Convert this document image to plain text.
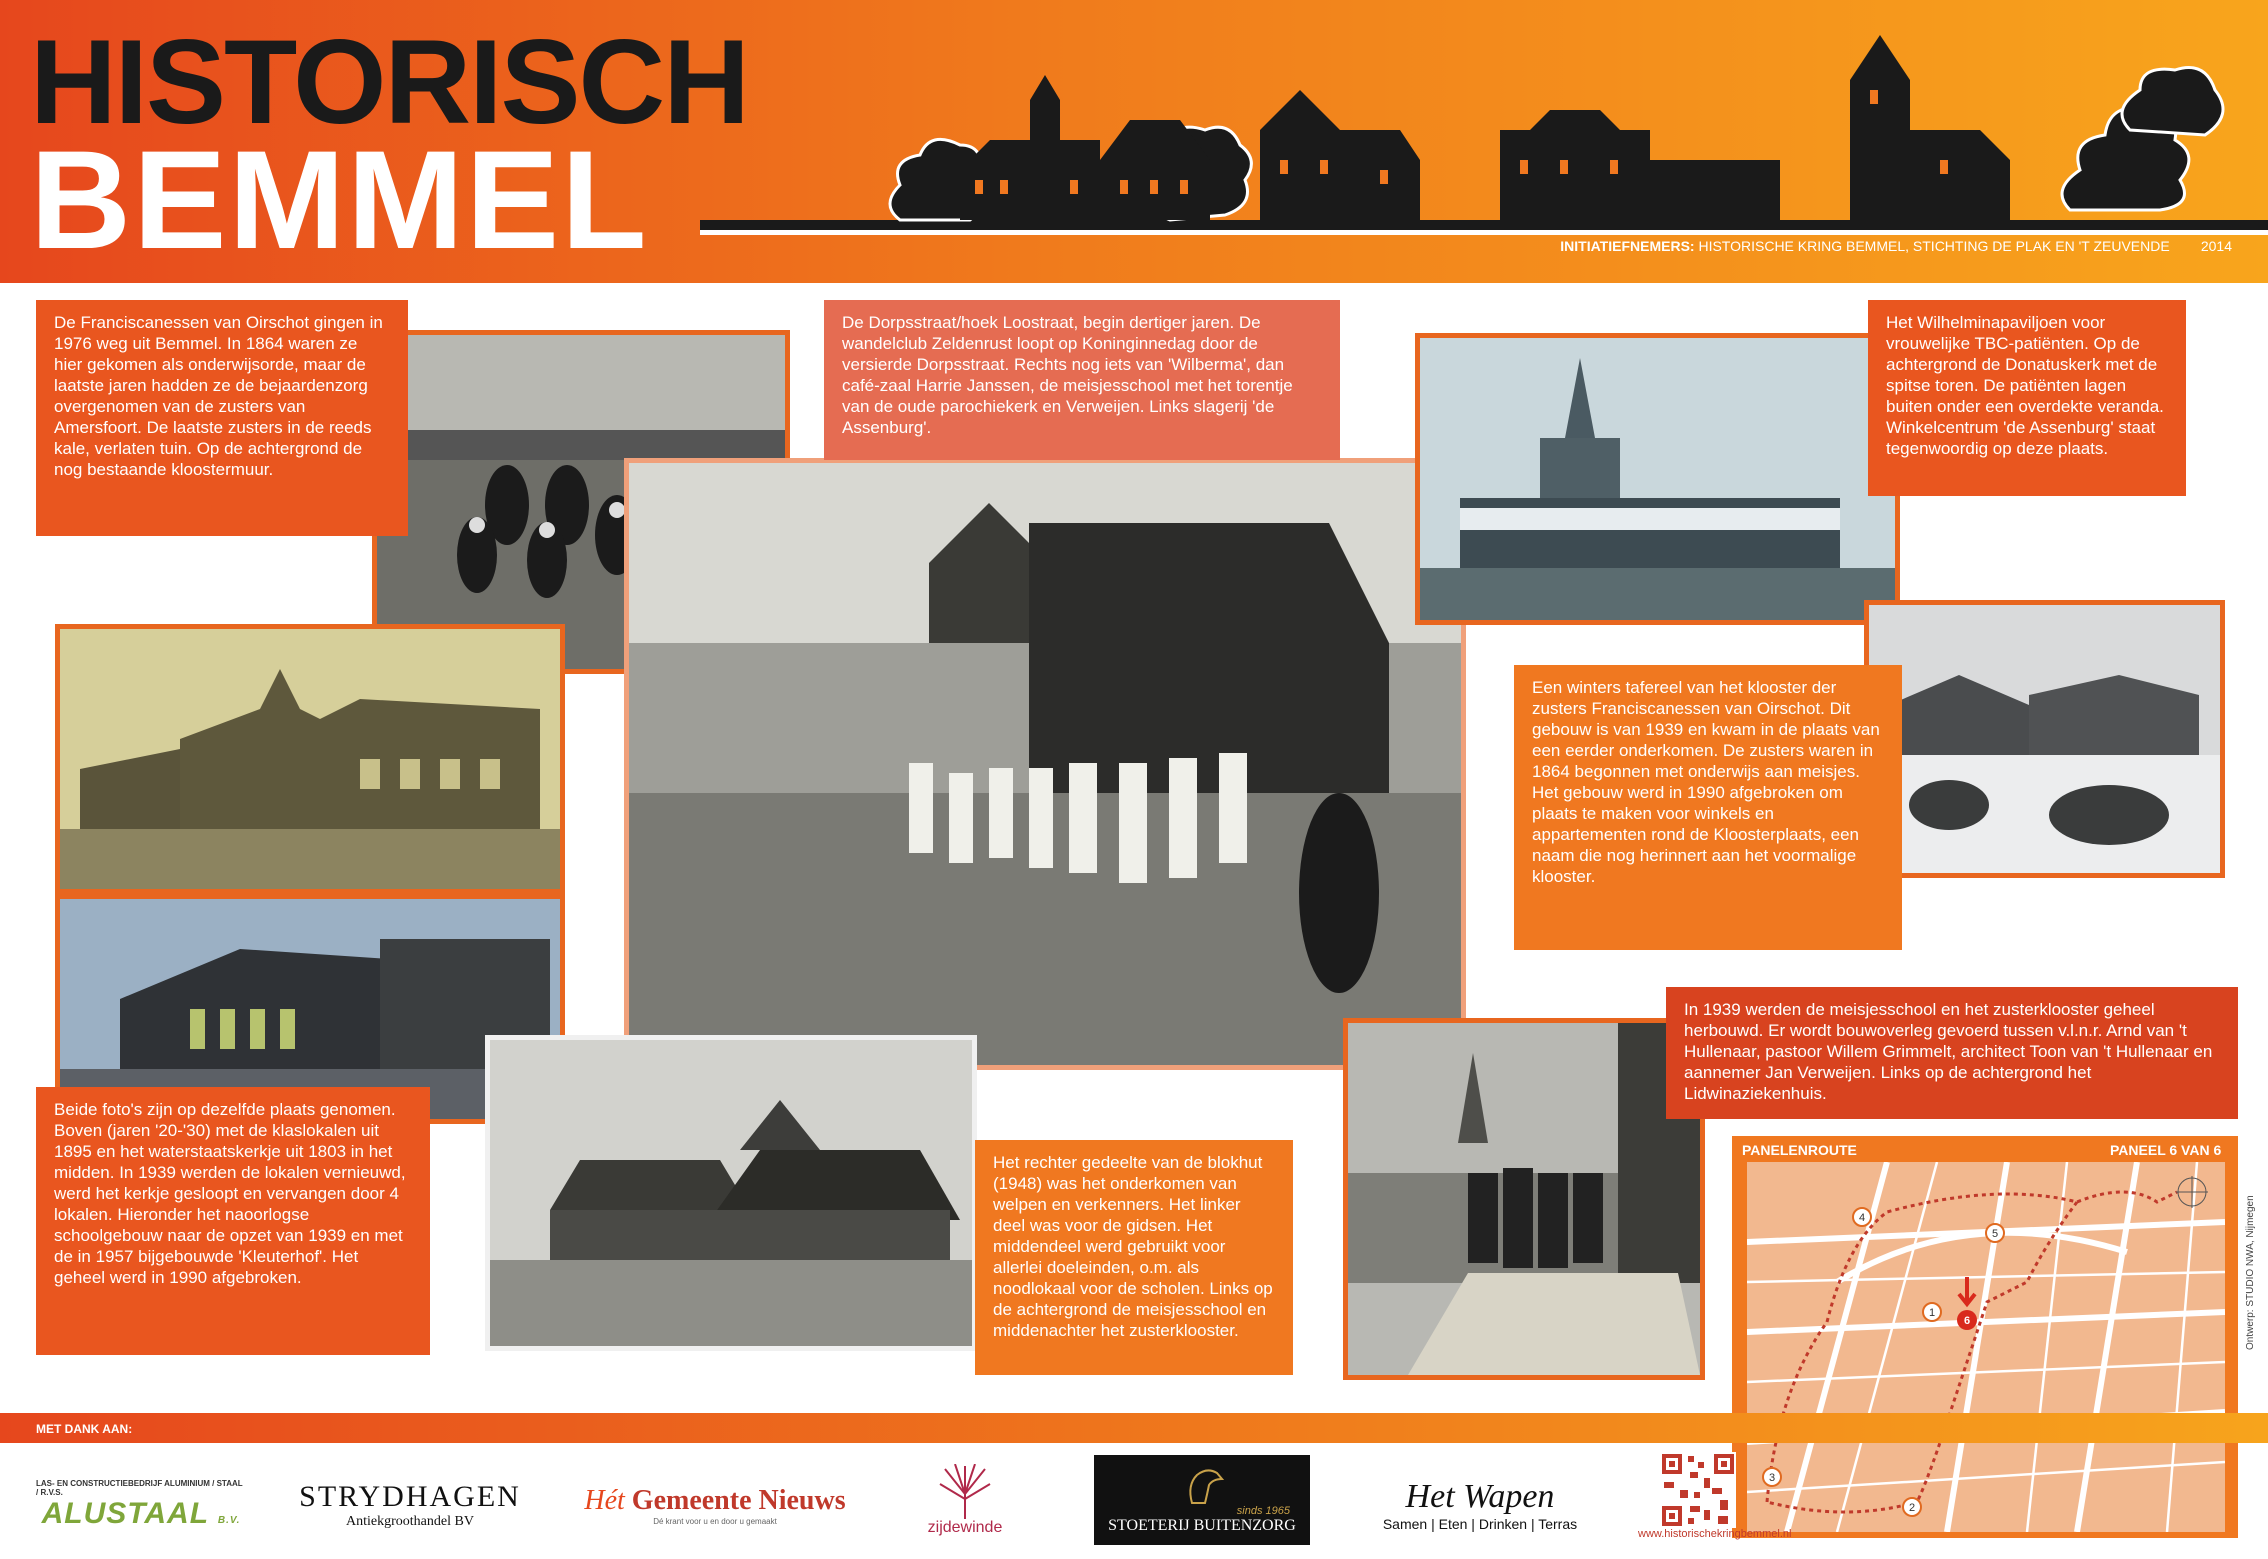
HISTORISCH
BEMMEL	INITIATIEFNEMERS: HISTORISCHE KRING BEMMEL, STICHTING DE PLAK EN 'T ZEUVENDE 2014
De Franciscanessen van Oirschot gingen in 1976 weg uit Bemmel. In 1864 waren ze hier gekomen als onderwijsorde, maar de laatste jaren hadden ze de bejaardenzorg overgenomen van de zusters van Amersfoort. De laatste zusters in de reeds kale, verlaten tuin. Op de achtergrond de nog bestaande kloostermuur.
De Dorpsstraat/hoek Loostraat, begin dertiger jaren. De wandelclub Zeldenrust loopt op Koninginnedag door de versierde Dorpsstraat. Rechts nog iets van 'Wilberma', dan café-zaal Harrie Janssen, de meisjesschool met het torentje van de oude parochiekerk en Verweijen. Links slagerij 'de Assenburg'.
Het Wilhelminapaviljoen voor vrouwelijke TBC-patiënten. Op de achtergrond de Donatuskerk met de spitse toren. De patiënten lagen buiten onder een overdekte veranda. Winkelcentrum 'de Assenburg' staat tegenwoordig op deze plaats.
Een winters tafereel van het klooster der zusters Franciscanessen van Oirschot. Dit gebouw is van 1939 en kwam in de plaats van een eerder onderkomen. De zusters waren in 1864 begonnen met onderwijs aan meisjes. Het gebouw werd in 1990 afgebroken om plaats te maken voor winkels en appartementen rond de Kloosterplaats, een naam die nog herinnert aan het voormalige klooster.
In 1939 werden de meisjesschool en het zusterklooster geheel herbouwd. Er wordt bouwoverleg gevoerd tussen v.l.n.r. Arnd van 't Hullenaar, pastoor Willem Grimmelt, architect Toon van 't Hullenaar en aannemer Jan Verweijen. Links op de achtergrond het Lidwinaziekenhuis.
Beide foto's zijn op dezelfde plaats genomen. Boven (jaren '20-'30) met de klaslokalen uit 1895 en het waterstaatskerkje uit 1803 in het midden. In 1939 werden de lokalen vernieuwd, werd het kerkje gesloopt en vervangen door 4 lokalen. Hieronder het naoorlogse schoolgebouw naar de opzet van 1939 en met de in 1957 bijgebouwde 'Kleuterhof'. Het geheel werd in 1990 afgebroken.
Het rechter gedeelte van de blokhut (1948) was het onderkomen van welpen en verkenners. Het linker deel was voor de gidsen. Het middendeel werd gebruikt voor allerlei doeleinden, o.m. als noodlokaal voor de scholen. Links op de achtergrond de meisjesschool en middenachter het zusterklooster.
PANELENROUTE	PANEEL 6 VAN 6
1
2
3
4
5
6	Ontwerp: STUDIO NWA, Nijmegen
MET DANK AAN:
LAS- EN CONSTRUCTIEBEDRIJF ALUMINIUM / STAAL / R.V.S.
ALUSTAAL B.V.
STRYDHAGEN
Antiekgroothandel BV
Hét Gemeente Nieuws
Dé krant voor u en door u gemaakt	zijdewinde
sinds 1965
STOETERIJ BUITENZORG
Het Wapen
Samen | Eten | Drinken | Terras
www.historischekringbemmel.nl
